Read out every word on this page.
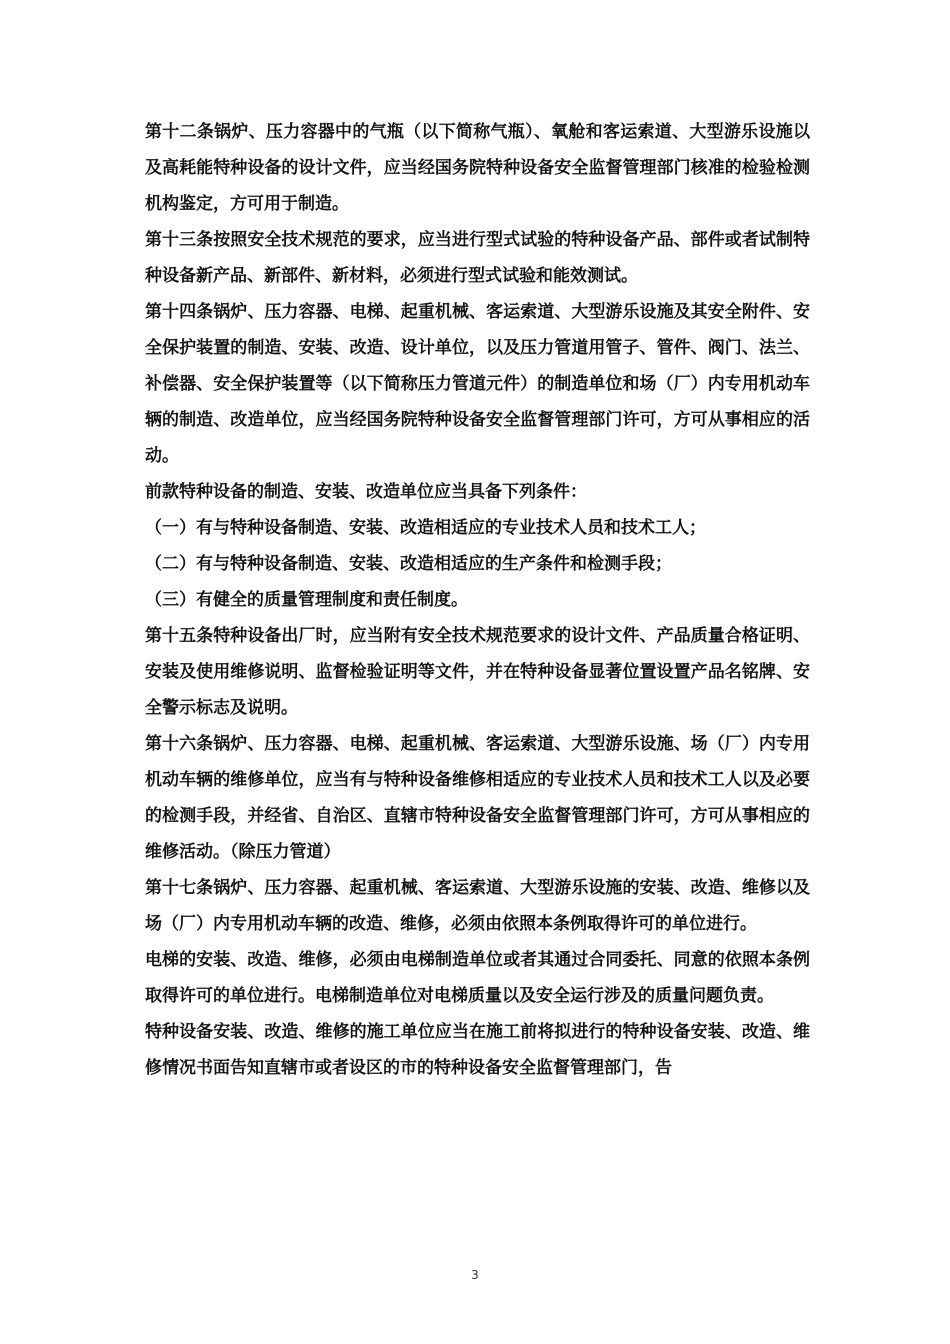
第十二条锅炉、压力容器中的气瓶（以下简称气瓶）、氧舱和客运索道、大型游乐设施以及高耗能特种设备的设计文件，应当经国务院特种设备安全监督管理部门核准的检验检测机构鉴定，方可用于制造。

第十三条按照安全技术规范的要求，应当进行型式试验的特种设备产品、部件或者试制特种设备新产品、新部件、新材料，必须进行型式试验和能效测试。

第十四条锅炉、压力容器、电梯、起重机械、客运索道、大型游乐设施及其安全附件、安全保护装置的制造、安装、改造、设计单位，以及压力管道用管子、管件、阀门、法兰、补偿器、安全保护装置等（以下简称压力管道元件）的制造单位和场（厂）内专用机动车辆的制造、改造单位，应当经国务院特种设备安全监督管理部门许可，方可从事相应的活动。

前款特种设备的制造、安装、改造单位应当具备下列条件：

（一）有与特种设备制造、安装、改造相适应的专业技术人员和技术工人；

（二）有与特种设备制造、安装、改造相适应的生产条件和检测手段；

（三）有健全的质量管理制度和责任制度。

第十五条特种设备出厂时，应当附有安全技术规范要求的设计文件、产品质量合格证明、安装及使用维修说明、监督检验证明等文件，并在特种设备显著位置设置产品名铭牌、安全警示标志及说明。

第十六条锅炉、压力容器、电梯、起重机械、客运索道、大型游乐设施、场（厂）内专用机动车辆的维修单位，应当有与特种设备维修相适应的专业技术人员和技术工人以及必要的检测手段，并经省、自治区、直辖市特种设备安全监督管理部门许可，方可从事相应的维修活动。（除压力管道）

第十七条锅炉、压力容器、起重机械、客运索道、大型游乐设施的安装、改造、维修以及场（厂）内专用机动车辆的改造、维修，必须由依照本条例取得许可的单位进行。

电梯的安装、改造、维修，必须由电梯制造单位或者其通过合同委托、同意的依照本条例取得许可的单位进行。电梯制造单位对电梯质量以及安全运行涉及的质量问题负责。

特种设备安装、改造、维修的施工单位应当在施工前将拟进行的特种设备安装、改造、维修情况书面告知直辖市或者设区的市的特种设备安全监督管理部门，告

3
